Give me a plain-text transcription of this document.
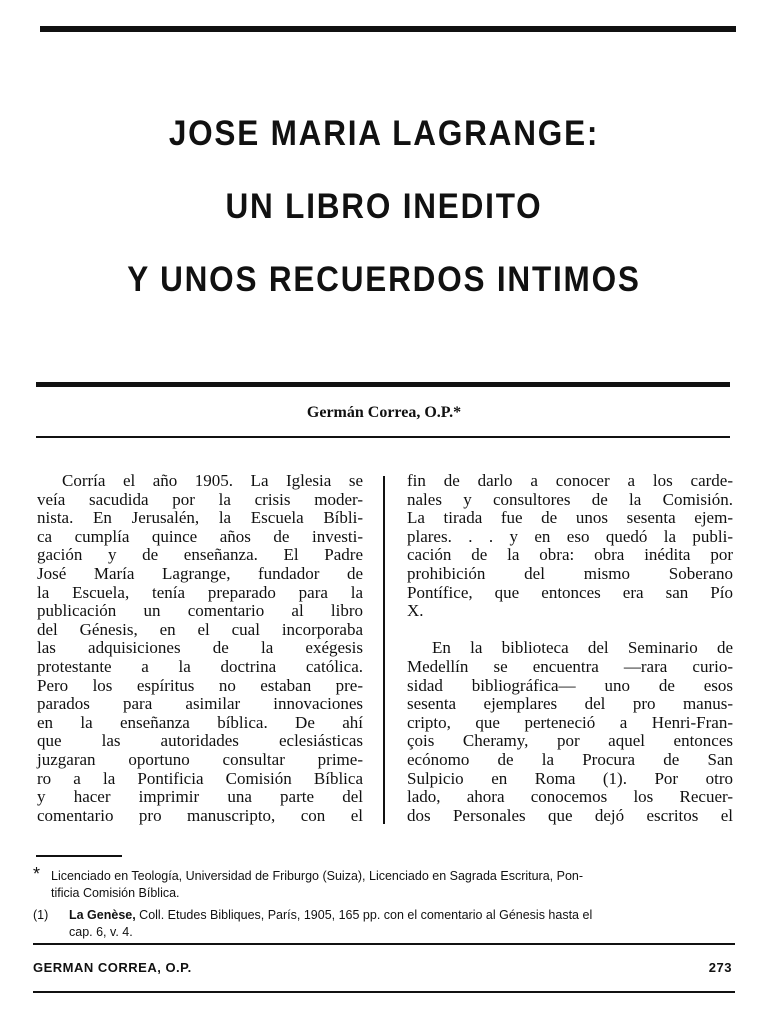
JOSE MARIA LAGRANGE:
UN LIBRO INEDITO
Y UNOS RECUERDOS INTIMOS
Germán Correa, O.P.*
Corría el año 1905. La Iglesia se
veía sacudida por la crisis moder-
nista. En Jerusalén, la Escuela Bíbli-
ca cumplía quince años de investi-
gación y de enseñanza. El Padre
José María Lagrange, fundador de
la Escuela, tenía preparado para la
publicación un comentario al libro
del Génesis, en el cual incorporaba
las adquisiciones de la exégesis
protestante a la doctrina católica.
Pero los espíritus no estaban pre-
parados para asimilar innovaciones
en la enseñanza bíblica. De ahí
que las autoridades eclesiásticas
juzgaran oportuno consultar prime-
ro a la Pontificia Comisión Bíblica
y hacer imprimir una parte del
comentario pro manuscripto, con el
fin de darlo a conocer a los carde-
nales y consultores de la Comisión.
La tirada fue de unos sesenta ejem-
plares. . . y en eso quedó la publi-
cación de la obra: obra inédita por
prohibición del mismo Soberano
Pontífice, que entonces era san Pío
X.
En la biblioteca del Seminario de
Medellín se encuentra —rara curio-
sidad bibliográfica— uno de esos
sesenta ejemplares del pro manus-
cripto, que perteneció a Henri-Fran-
çois Cheramy, por aquel entonces
ecónomo de la Procura de San
Sulpicio en Roma (1). Por otro
lado, ahora conocemos los Recuer-
dos Personales que dejó escritos el
* Licenciado en Teología, Universidad de Friburgo (Suiza), Licenciado en Sagrada Escritura, Pon-
tificia Comisión Bíblica.
(1) La Genèse, Coll. Etudes Bibliques, París, 1905, 165 pp. con el comentario al Génesis hasta el
cap. 6, v. 4.
GERMAN CORREA, O.P.	273
